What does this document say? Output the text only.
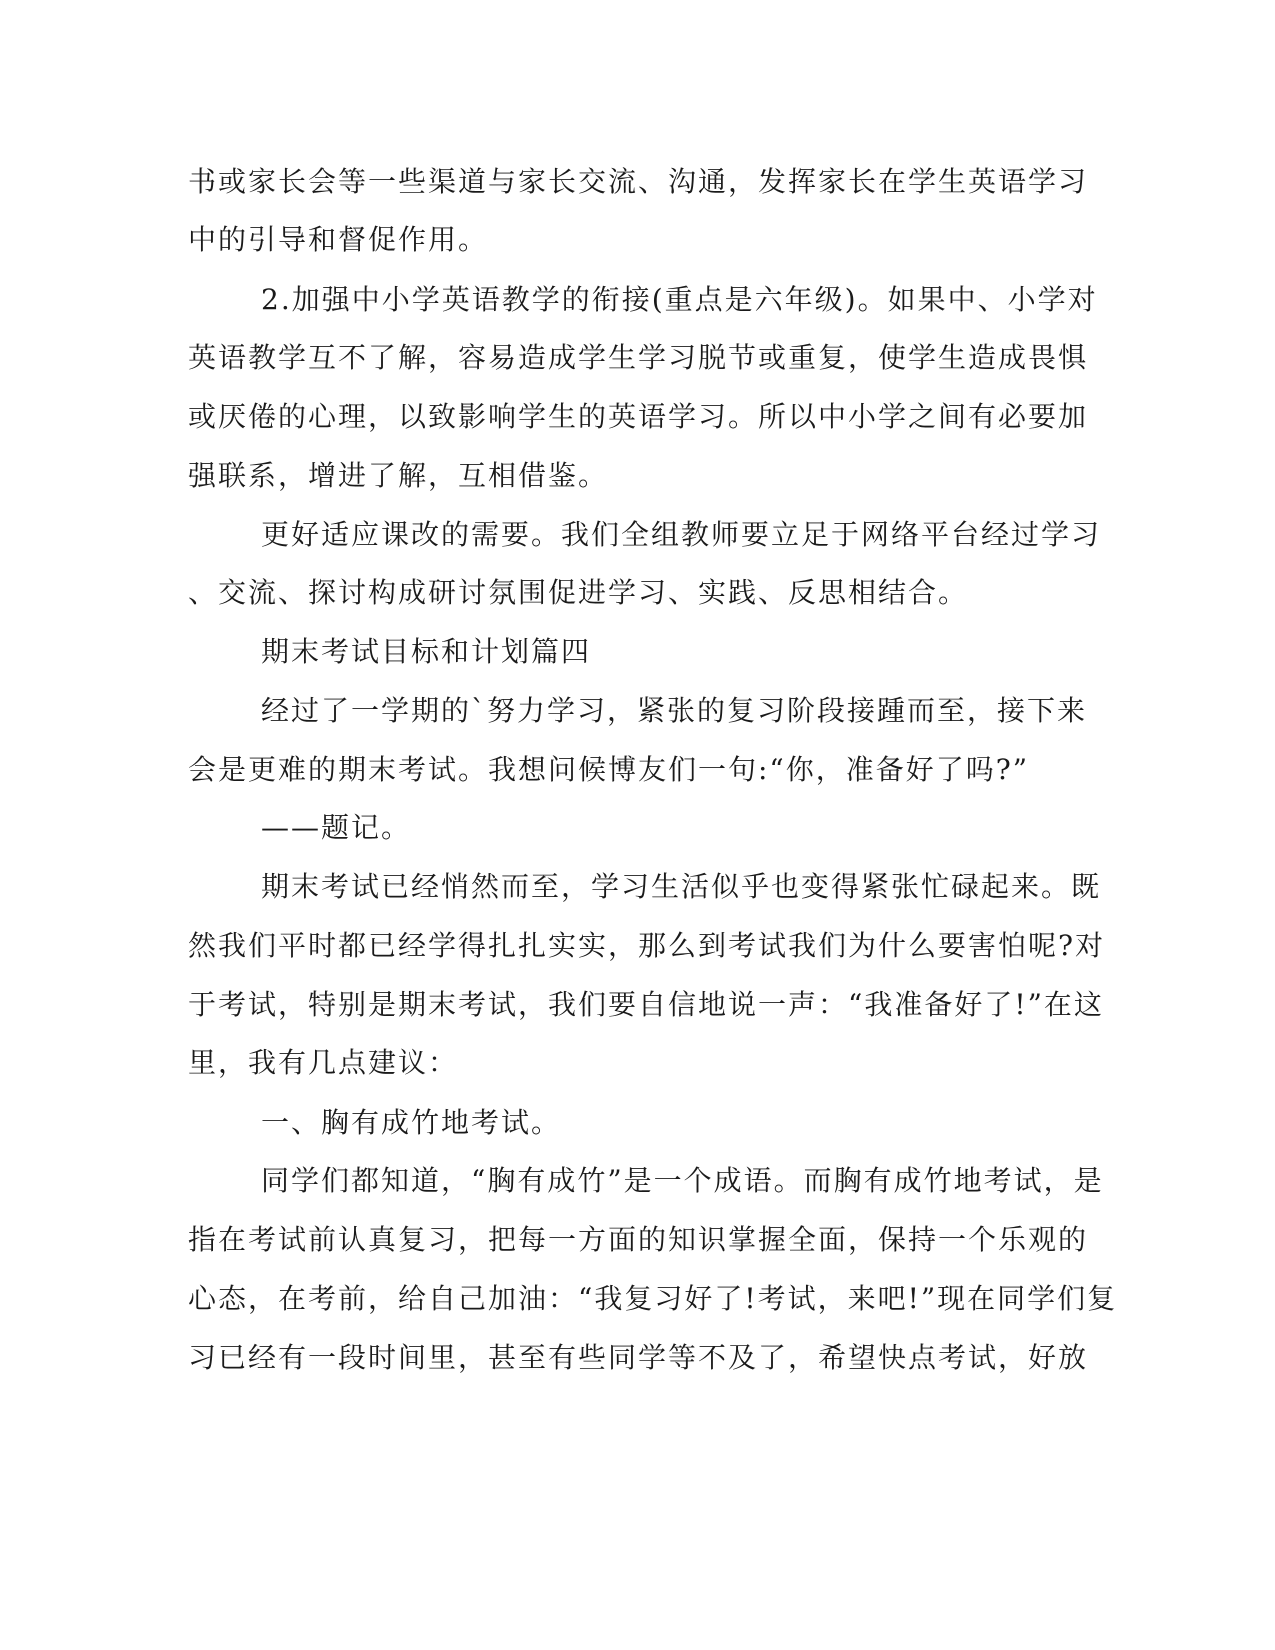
书或家长会等一些渠道与家长交流、沟通，发挥家长在学生英语学习
中的引导和督促作用。
2.加强中小学英语教学的衔接(重点是六年级)。如果中、小学对
英语教学互不了解，容易造成学生学习脱节或重复，使学生造成畏惧
或厌倦的心理，以致影响学生的英语学习。所以中小学之间有必要加
强联系，增进了解，互相借鉴。
更好适应课改的需要。我们全组教师要立足于网络平台经过学习
、交流、探讨构成研讨氛围促进学习、实践、反思相结合。
期末考试目标和计划篇四
经过了一学期的`努力学习，紧张的复习阶段接踵而至，接下来
会是更难的期末考试。我想问候博友们一句:“你，准备好了吗?”
——题记。
期末考试已经悄然而至，学习生活似乎也变得紧张忙碌起来。既
然我们平时都已经学得扎扎实实，那么到考试我们为什么要害怕呢?对
于考试，特别是期末考试，我们要自信地说一声：“我准备好了!”在这
里，我有几点建议：
一、胸有成竹地考试。
同学们都知道，“胸有成竹”是一个成语。而胸有成竹地考试，是
指在考试前认真复习，把每一方面的知识掌握全面，保持一个乐观的
心态，在考前，给自己加油：“我复习好了!考试，来吧!”现在同学们复
习已经有一段时间里，甚至有些同学等不及了，希望快点考试，好放
